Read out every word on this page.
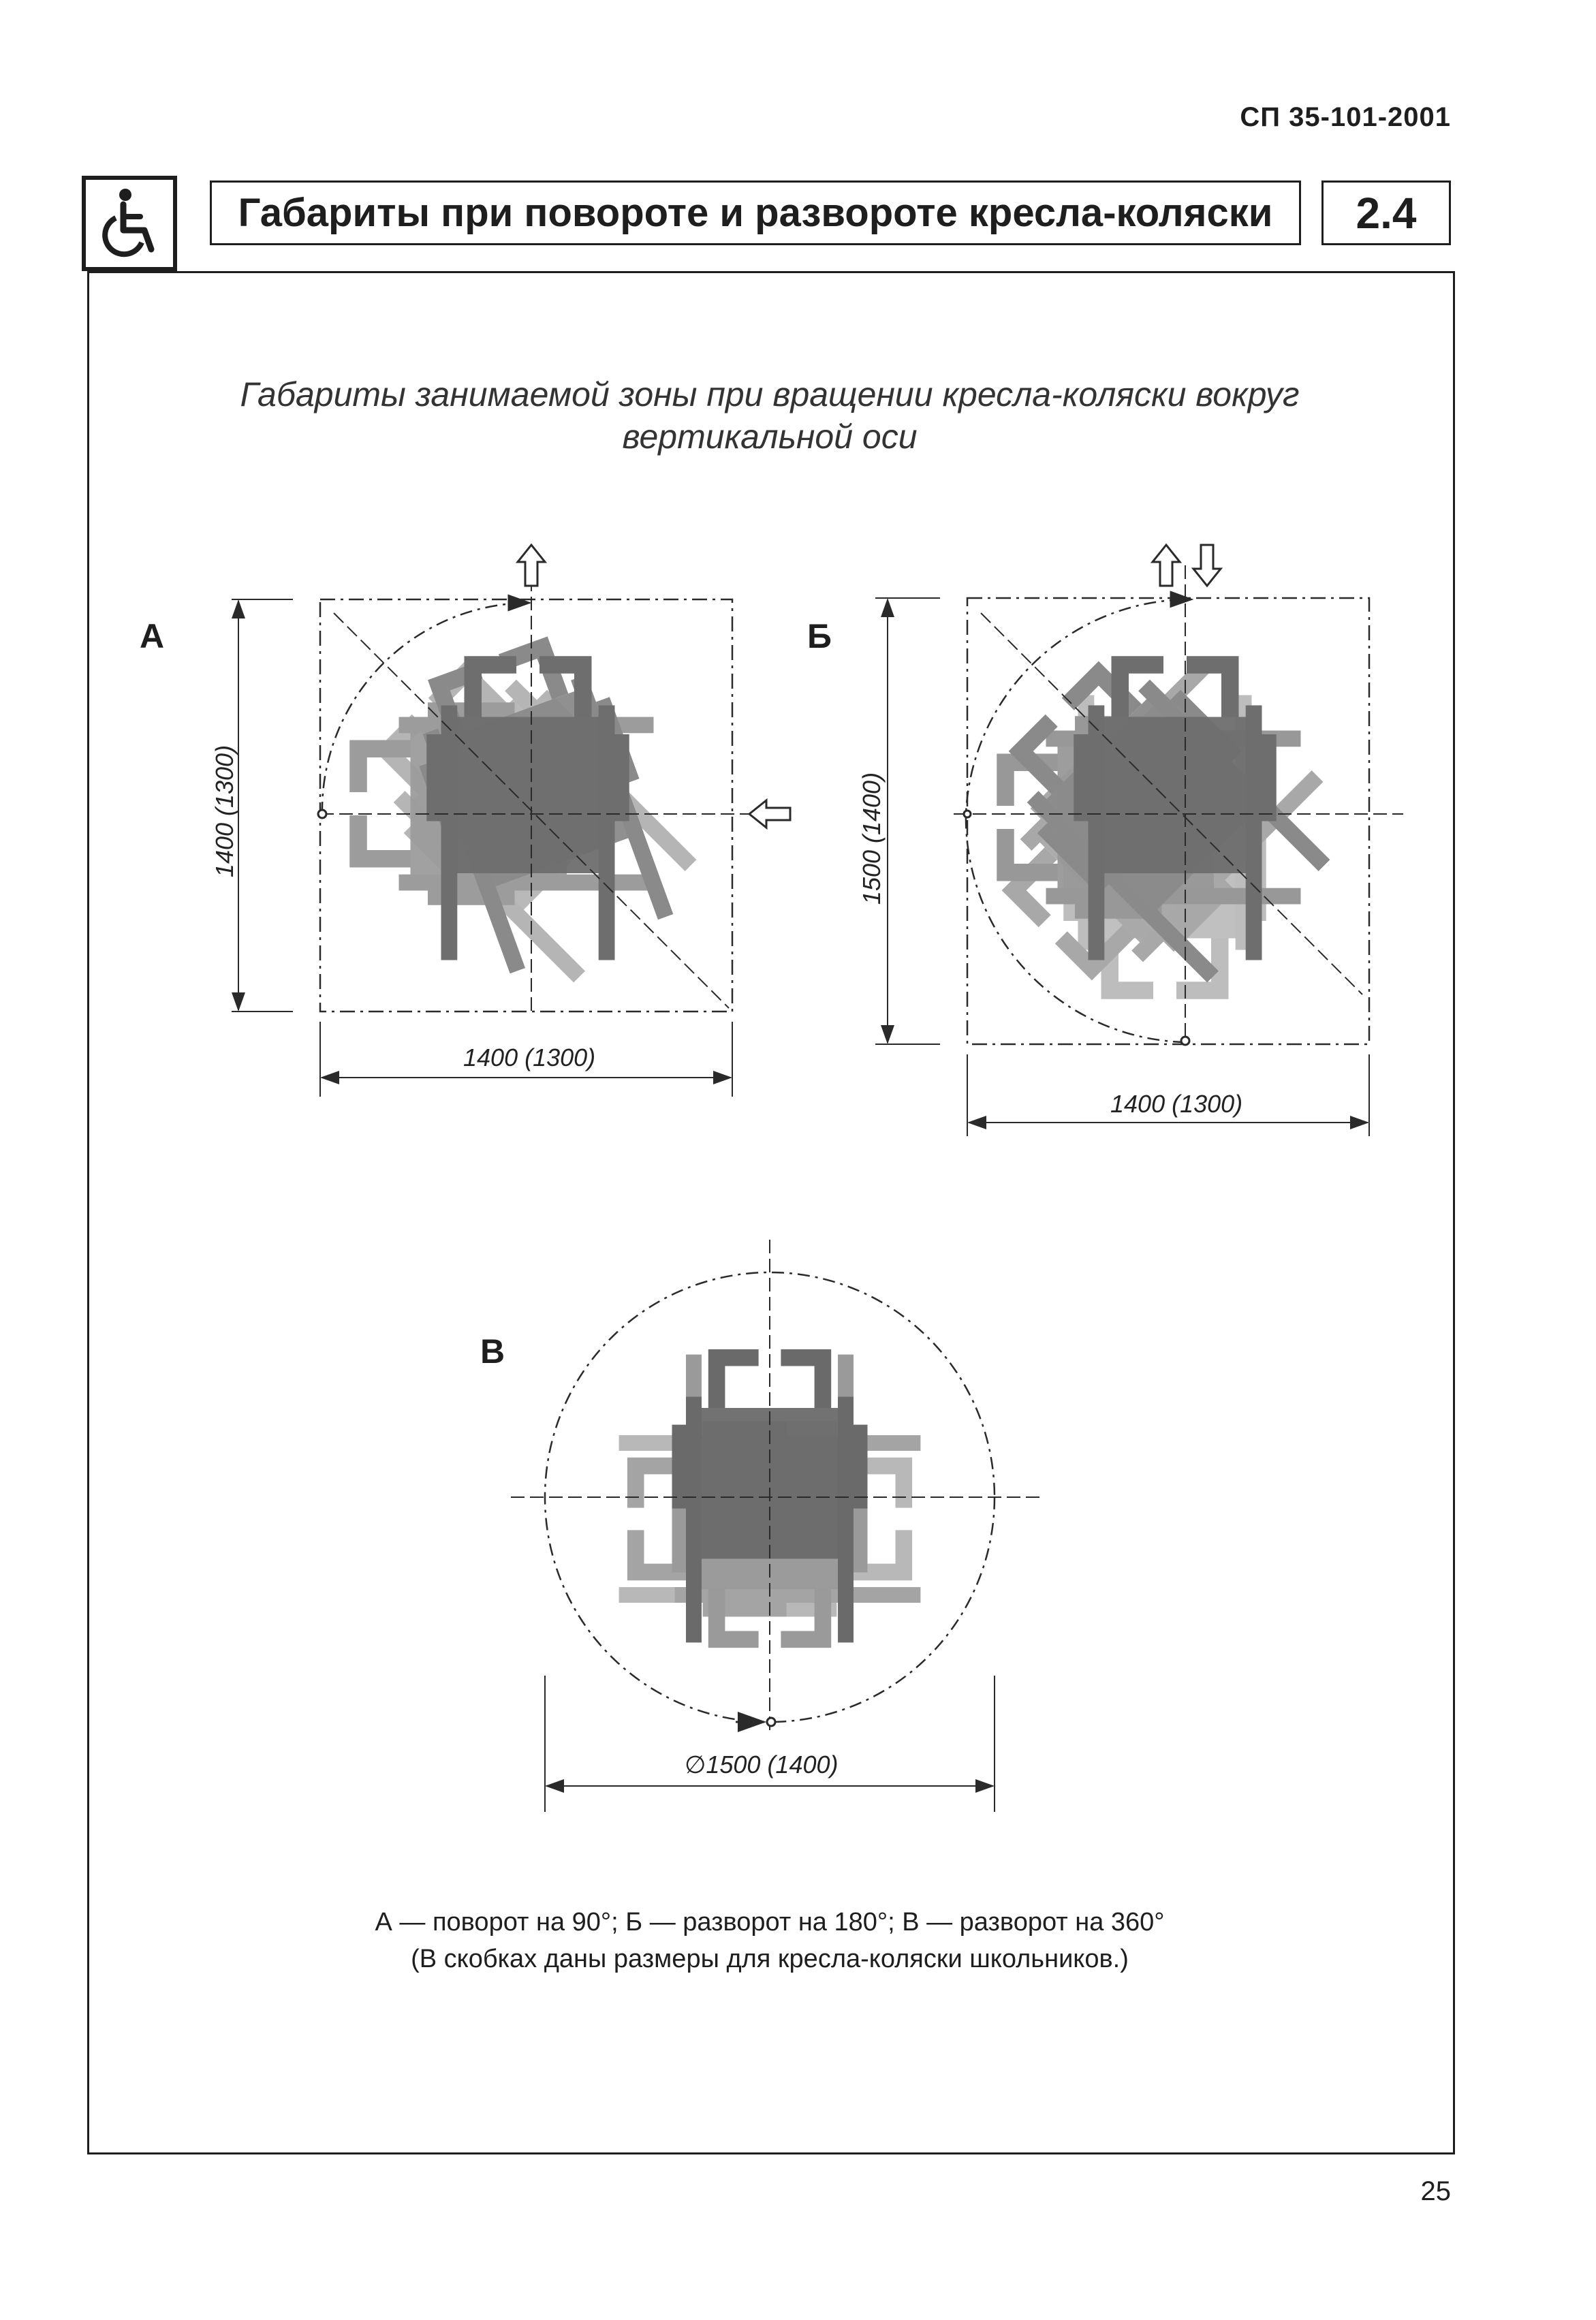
СП 35-101-2001
Габариты при повороте и развороте кресла-коляски	2.4
Габариты занимаемой зоны при вращении кресла-коляски вокруг
вертикальной оси
А	Б
В
1400 (1300)
1400 (1300)
1500 (1400)
1400 (1300)
∅1500 (1400)
А — поворот на 90°; Б — разворот на 180°; В — разворот на 360°
(В скобках даны размеры для кресла-коляски школьников.)
25
